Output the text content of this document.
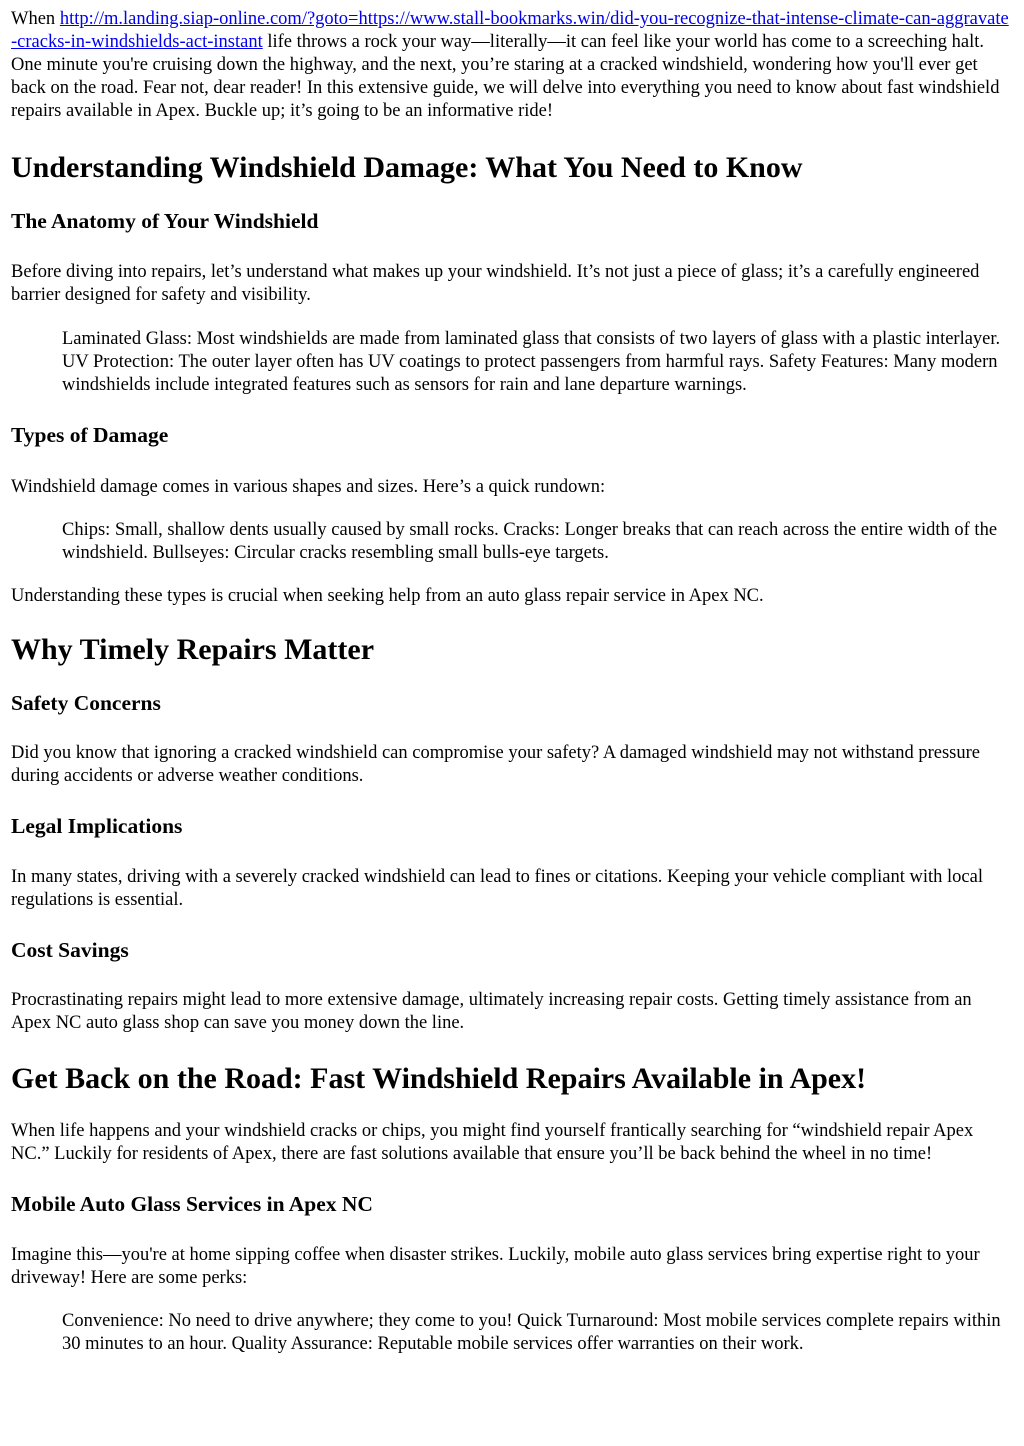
When http://m.landing.siap-online.com/?goto=https://www.stall-bookmarks.win/did-you-recognize-that-intense-climate-can-aggravate-cracks-in-windshields-act-instant life throws a rock your way—literally—it can feel like your world has come to a screeching halt. One minute you're cruising down the highway, and the next, you’re staring at a cracked windshield, wondering how you'll ever get back on the road. Fear not, dear reader! In this extensive guide, we will delve into everything you need to know about fast windshield repairs available in Apex. Buckle up; it’s going to be an informative ride!

Understanding Windshield Damage: What You Need to Know
The Anatomy of Your Windshield

Before diving into repairs, let’s understand what makes up your windshield. It’s not just a piece of glass; it’s a carefully engineered barrier designed for safety and visibility.

Laminated Glass: Most windshields are made from laminated glass that consists of two layers of glass with a plastic interlayer. UV Protection: The outer layer often has UV coatings to protect passengers from harmful rays. Safety Features: Many modern windshields include integrated features such as sensors for rain and lane departure warnings.

Types of Damage

Windshield damage comes in various shapes and sizes. Here’s a quick rundown:

Chips: Small, shallow dents usually caused by small rocks. Cracks: Longer breaks that can reach across the entire width of the windshield. Bullseyes: Circular cracks resembling small bulls-eye targets.

Understanding these types is crucial when seeking help from an auto glass repair service in Apex NC.

Why Timely Repairs Matter
Safety Concerns

Did you know that ignoring a cracked windshield can compromise your safety? A damaged windshield may not withstand pressure during accidents or adverse weather conditions.

Legal Implications

In many states, driving with a severely cracked windshield can lead to fines or citations. Keeping your vehicle compliant with local regulations is essential.

Cost Savings

Procrastinating repairs might lead to more extensive damage, ultimately increasing repair costs. Getting timely assistance from an Apex NC auto glass shop can save you money down the line.

Get Back on the Road: Fast Windshield Repairs Available in Apex!

When life happens and your windshield cracks or chips, you might find yourself frantically searching for “windshield repair Apex NC.” Luckily for residents of Apex, there are fast solutions available that ensure you’ll be back behind the wheel in no time!

Mobile Auto Glass Services in Apex NC

Imagine this—you're at home sipping coffee when disaster strikes. Luckily, mobile auto glass services bring expertise right to your driveway! Here are some perks:

Convenience: No need to drive anywhere; they come to you! Quick Turnaround: Most mobile services complete repairs within 30 minutes to an hour. Quality Assurance: Reputable mobile services offer warranties on their work.
